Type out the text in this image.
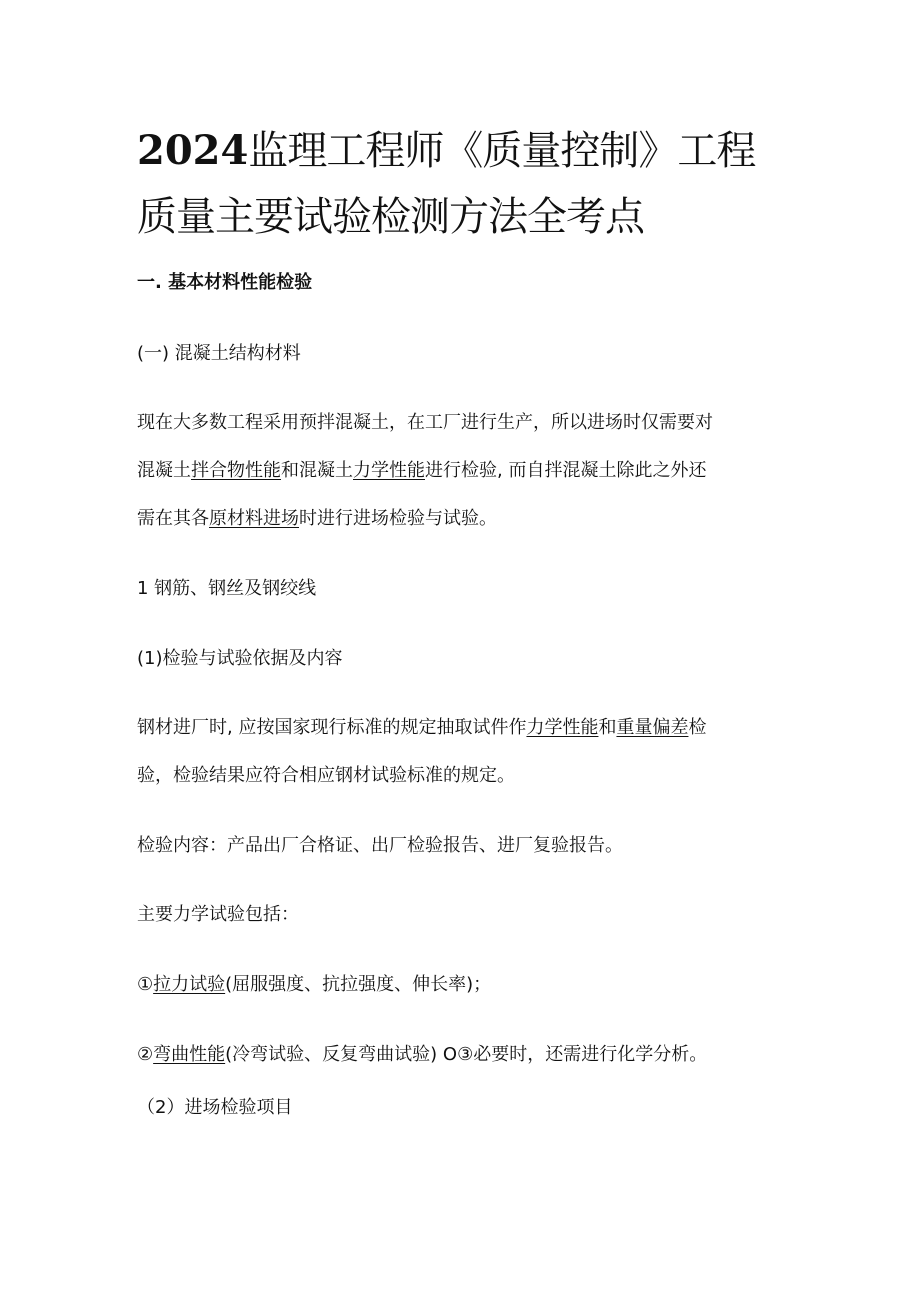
2024监理工程师《质量控制》工程
质量主要试验检测方法全考点

一. 基本材料性能检验

(一) 混凝土结构材料

现在大多数工程采用预拌混凝土，在工厂进行生产，所以进场时仅需要对

混凝土拌合物性能和混凝土力学性能进行检验, 而自拌混凝土除此之外还

需在其各原材料进场时进行进场检验与试验。

1 钢筋、钢丝及钢绞线

(1)检验与试验依据及内容

钢材进厂时, 应按国家现行标准的规定抽取试件作力学性能和重量偏差检

验，检验结果应符合相应钢材试验标准的规定。

检验内容：产品出厂合格证、出厂检验报告、进厂复验报告。

主要力学试验包括：

①拉力试验(屈服强度、抗拉强度、伸长率)；

②弯曲性能(冷弯试验、反复弯曲试验) O③必要时，还需进行化学分析。

（2）进场检验项目
